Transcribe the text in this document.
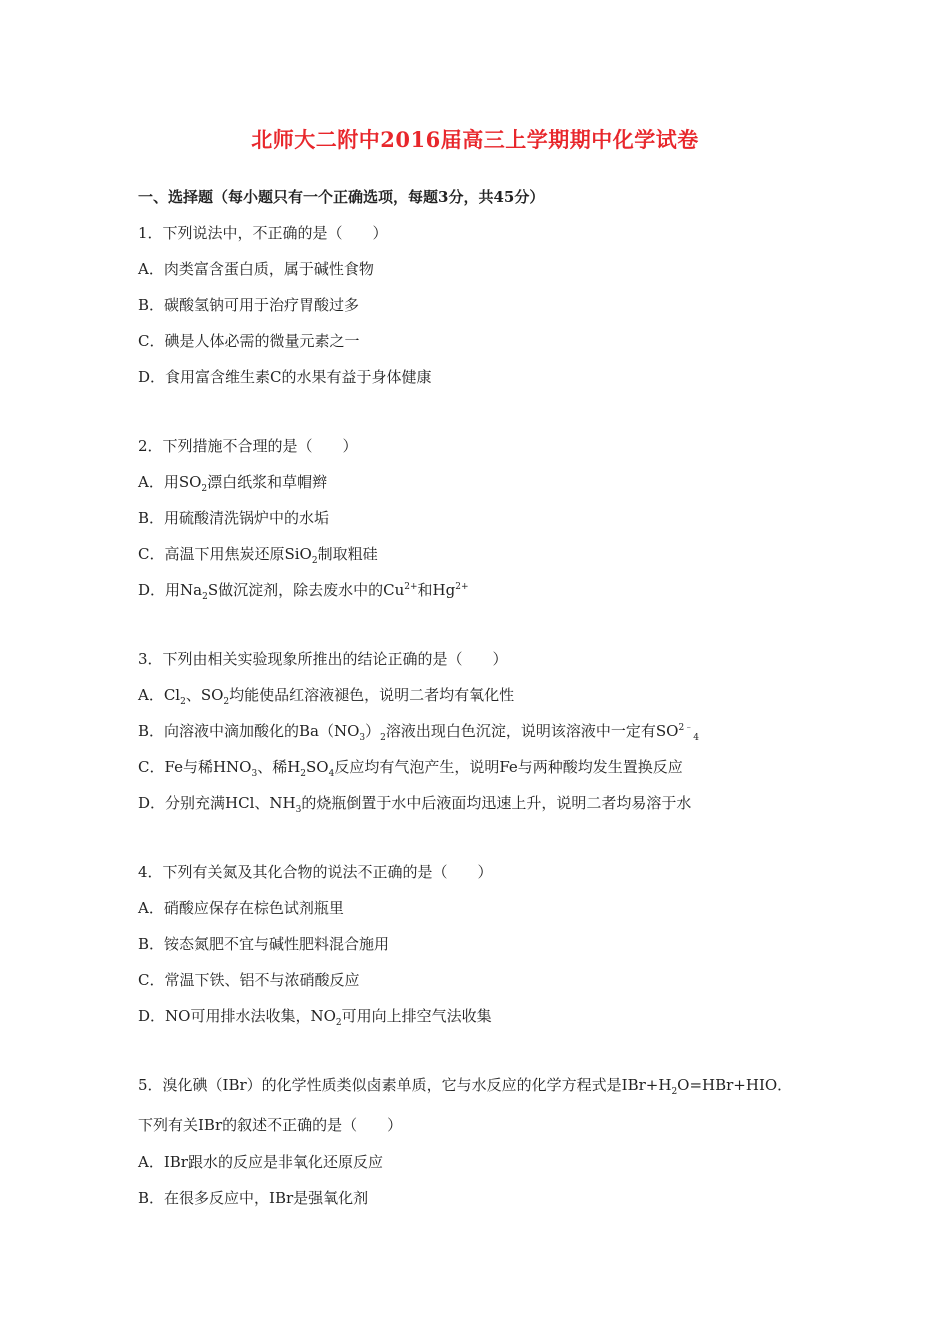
北师大二附中2016届高三上学期期中化学试卷
一、选择题（每小题只有一个正确选项，每题3分，共45分）
1．下列说法中，不正确的是（　　）
A．肉类富含蛋白质，属于碱性食物
B．碳酸氢钠可用于治疗胃酸过多
C．碘是人体必需的微量元素之一
D．食用富含维生素C的水果有益于身体健康
2．下列措施不合理的是（　　）
A．用$SO_2$漂白纸浆和草帽辫
B．用硫酸清洗锅炉中的水垢
C．高温下用焦炭还原SiO$_2$制取粗硅
D．用$Na_2S$做沉淀剂，除去废水中的$Cu^{2+}$和$Hg^{2+}$
3．下列由相关实验现象所推出的结论正确的是（　　）
A．$Cl_2$、$SO_2$均能使品红溶液褪色，说明二者均有氧化性
B．向溶液中滴加酸化的$Ba(NO_3)_2$溶液出现白色沉淀，说明该溶液中一定有$SO^{2﹣}_4$
C．Fe与稀$HNO_3$、稀$H_2SO_4$反应均有气泡产生，说明Fe与两种酸均发生置换反应
D．分别充满HCl、$NH_3$的烧瓶倒置于水中后液面均迅速上升，说明二者均易溶于水
4．下列有关氮及其化合物的说法不正确的是（　　）
A．硝酸应保存在棕色试剂瓶里
B．铵态氮肥不宜与碱性肥料混合施用
C．常温下铁、铝不与浓硝酸反应
D．NO可用排水法收集，$NO_2$可用向上排空气法收集
5．溴化碘（IBr）的化学性质类似卤素单质，它与水反应的化学方程式是$IBr+H_2O=HBr+HIO$．
下列有关IBr的叙述不正确的是（　　）
A．IBr跟水的反应是非氧化还原反应
B．在很多反应中，IBr是强氧化剂
